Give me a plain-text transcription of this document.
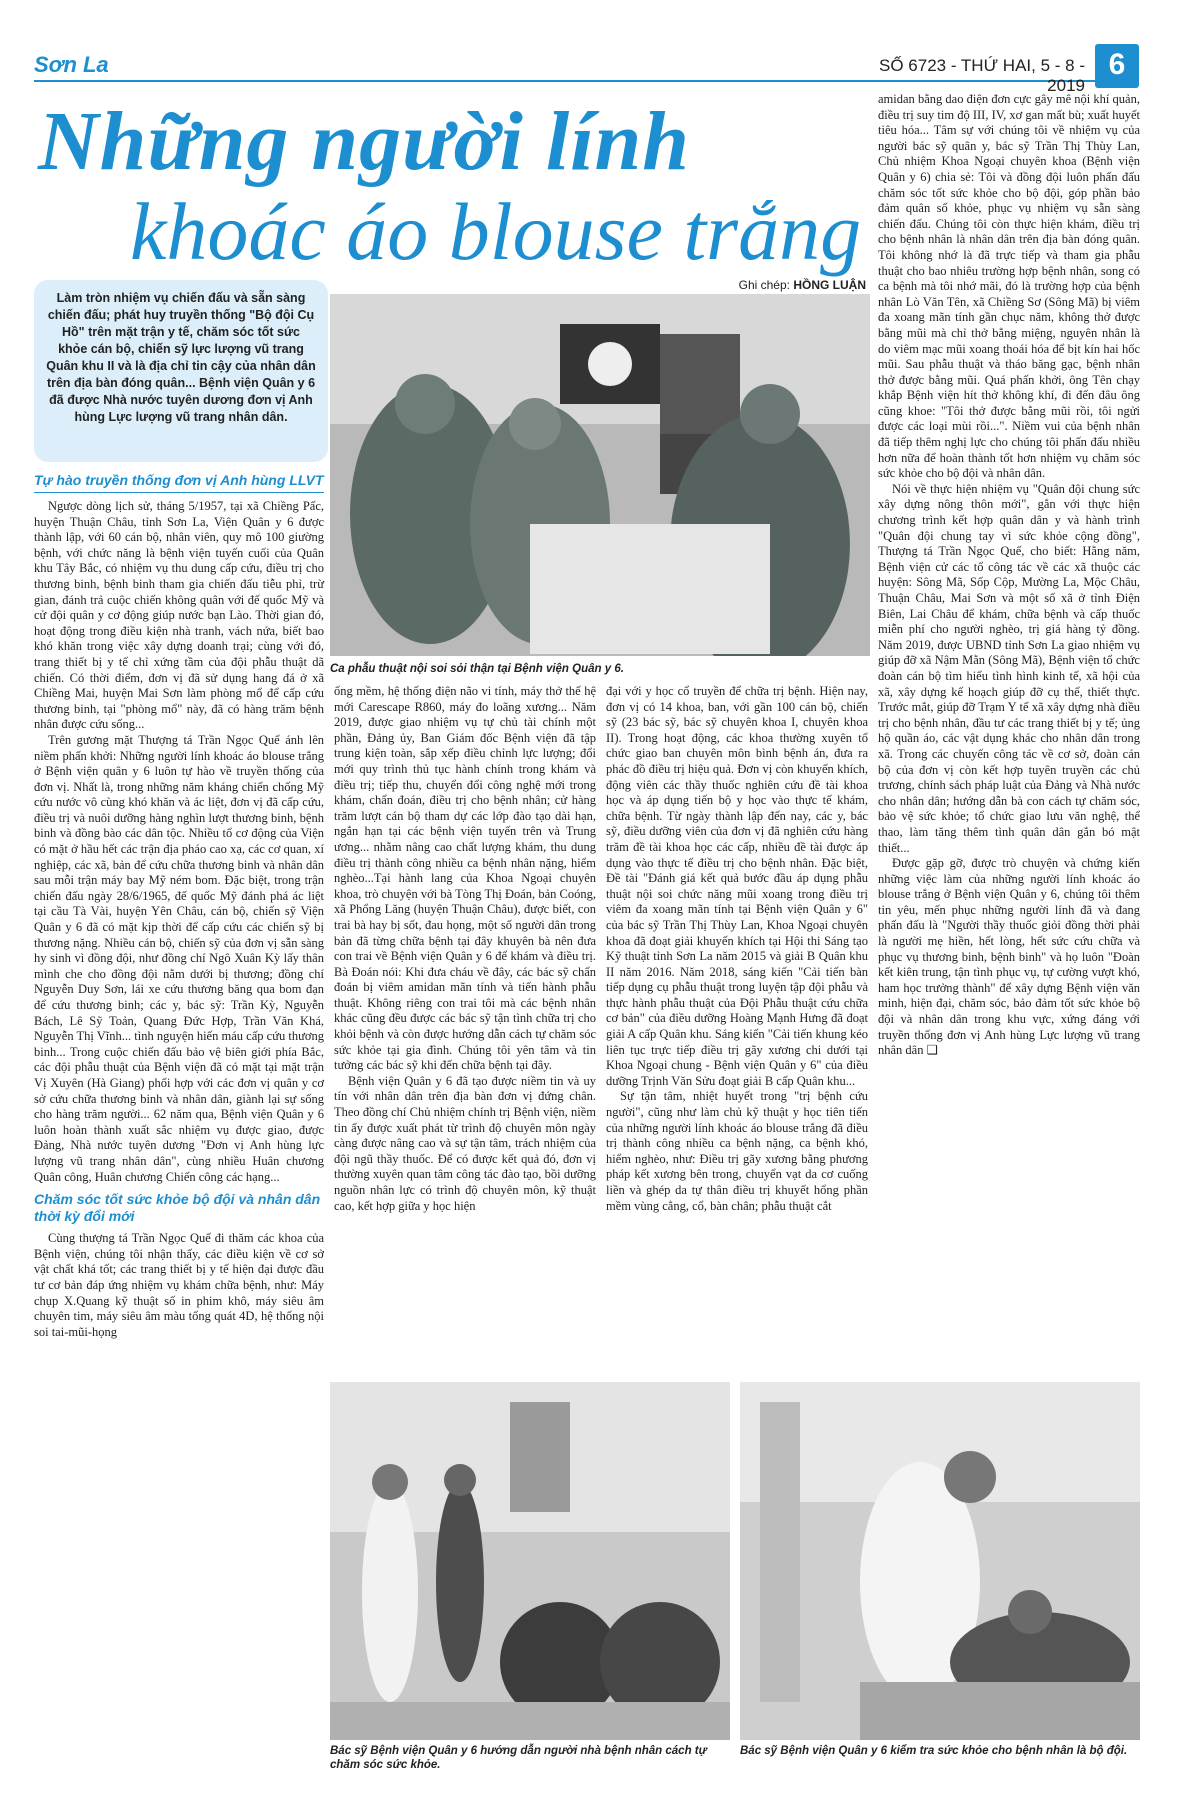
Sơn La	SỐ 6723 - THỨ HAI, 5 - 8 - 2019
6
Những người lính
khoác áo blouse trắng
Làm tròn nhiệm vụ chiến đấu và sẵn sàng chiến đấu; phát huy truyền thống "Bộ đội Cụ Hồ" trên mặt trận y tế, chăm sóc tốt sức khỏe cán bộ, chiến sỹ lực lượng vũ trang Quân khu II và là địa chỉ tin cậy của nhân dân trên địa bàn đóng quân... Bệnh viện Quân y 6 đã được Nhà nước tuyên dương đơn vị Anh hùng Lực lượng vũ trang nhân dân.
Ghi chép: HỒNG LUẬN
Ca phẫu thuật nội soi sỏi thận tại Bệnh viện Quân y 6.
Tự hào truyền thống đơn vị Anh hùng LLVT

Ngược dòng lịch sử, tháng 5/1957, tại xã Chiềng Pấc, huyện Thuận Châu, tỉnh Sơn La, Viện Quân y 6 được thành lập, với 60 cán bộ, nhân viên, quy mô 100 giường bệnh, với chức năng là bệnh viện tuyến cuối của Quân khu Tây Bắc, có nhiệm vụ thu dung cấp cứu, điều trị cho thương binh, bệnh binh tham gia chiến đấu tiễu phỉ, trừ gian, đánh trả cuộc chiến không quân với đế quốc Mỹ và cử đội quân y cơ động giúp nước bạn Lào. Thời gian đó, hoạt động trong điều kiện nhà tranh, vách nứa, biết bao khó khăn trong việc xây dựng doanh trại; cùng với đó, trang thiết bị y tế chỉ xứng tầm của đội phẫu thuật dã chiến. Có thời điểm, đơn vị đã sử dụng hang đá ở xã Chiềng Mai, huyện Mai Sơn làm phòng mổ để cấp cứu thương binh, tại "phòng mổ" này, đã có hàng trăm bệnh nhân được cứu sống...

Trên gương mặt Thượng tá Trần Ngọc Quế ánh lên niềm phấn khởi: Những người lính khoác áo blouse trắng ở Bệnh viện quân y 6 luôn tự hào về truyền thống của đơn vị. Nhất là, trong những năm kháng chiến chống Mỹ cứu nước vô cùng khó khăn và ác liệt, đơn vị đã cấp cứu, điều trị và nuôi dưỡng hàng nghìn lượt thương binh, bệnh binh và đồng bào các dân tộc. Nhiều tổ cơ động của Viện có mặt ở hầu hết các trận địa pháo cao xạ, các cơ quan, xí nghiệp, các xã, bản để cứu chữa thương binh và nhân dân sau mỗi trận máy bay Mỹ ném bom. Đặc biệt, trong trận chiến đấu ngày 28/6/1965, đế quốc Mỹ đánh phá ác liệt tại cầu Tà Vài, huyện Yên Châu, cán bộ, chiến sỹ Viện Quân y 6 đã có mặt kịp thời để cấp cứu các chiến sỹ bị thương nặng. Nhiều cán bộ, chiến sỹ của đơn vị sẵn sàng hy sinh vì đồng đội, như đồng chí Ngô Xuân Kỳ lấy thân mình che cho đồng đội nằm dưới bị thương; đồng chí Nguyễn Duy Sơn, lái xe cứu thương băng qua bom đạn để cứu thương binh; các y, bác sỹ: Trần Kỳ, Nguyễn Bách, Lê Sỹ Toản, Quang Đức Hợp, Trần Văn Khá, Nguyễn Thị Vĩnh... tình nguyện hiến máu cấp cứu thương binh... Trong cuộc chiến đấu bảo vệ biên giới phía Bắc, các đội phẫu thuật của Bệnh viện đã có mặt tại mặt trận Vị Xuyên (Hà Giang) phối hợp với các đơn vị quân y cơ sở cứu chữa thương binh và nhân dân, giành lại sự sống cho hàng trăm người... 62 năm qua, Bệnh viện Quân y 6 luôn hoàn thành xuất sắc nhiệm vụ được giao, được Đảng, Nhà nước tuyên dương "Đơn vị Anh hùng lực lượng vũ trang nhân dân", cùng nhiều Huân chương Quân công, Huân chương Chiến công các hạng...

Chăm sóc tốt sức khỏe bộ đội và nhân dân thời kỳ đổi mới

Cùng thượng tá Trần Ngọc Quế đi thăm các khoa của Bệnh viện, chúng tôi nhận thấy, các điều kiện về cơ sở vật chất khá tốt; các trang thiết bị y tế hiện đại được đầu tư cơ bản đáp ứng nhiệm vụ khám chữa bệnh, như: Máy chụp X.Quang kỹ thuật số in phim khô, máy siêu âm chuyên tim, máy siêu âm màu tổng quát 4D, hệ thống nội soi tai-mũi-họng

ống mềm, hệ thống điện não vi tính, máy thở thế hệ mới Carescape R860, máy đo loãng xương... Năm 2019, được giao nhiệm vụ tự chủ tài chính một phần, Đảng ủy, Ban Giám đốc Bệnh viện đã tập trung kiện toàn, sắp xếp điều chỉnh lực lượng; đổi mới quy trình thủ tục hành chính trong khám và điều trị; tiếp thu, chuyển đổi công nghệ mới trong khám, chẩn đoán, điều trị cho bệnh nhân; cử hàng trăm lượt cán bộ tham dự các lớp đào tạo dài hạn, ngắn hạn tại các bệnh viện tuyến trên và Trung ương... nhằm nâng cao chất lượng khám, thu dung điều trị thành công nhiều ca bệnh nhân nặng, hiểm nghèo...Tại hành lang của Khoa Ngoại chuyên khoa, trò chuyện với bà Tòng Thị Đoán, bản Coóng, xã Phổng Lăng (huyện Thuận Châu), được biết, con trai bà hay bị sốt, đau họng, một số người dân trong bản đã từng chữa bệnh tại đây khuyên bà nên đưa con trai về Bệnh viện Quân y 6 để khám và điều trị. Bà Đoán nói: Khi đưa cháu về đây, các bác sỹ chẩn đoán bị viêm amidan mãn tính và tiến hành phẫu thuật. Không riêng con trai tôi mà các bệnh nhân khác cũng đều được các bác sỹ tận tình chữa trị cho khỏi bệnh và còn được hướng dẫn cách tự chăm sóc sức khỏe tại gia đình. Chúng tôi yên tâm và tin tưởng các bác sỹ khi đến chữa bệnh tại đây.

Bệnh viện Quân y 6 đã tạo được niềm tin và uy tín với nhân dân trên địa bàn đơn vị đứng chân. Theo đồng chí Chủ nhiệm chính trị Bệnh viện, niềm tin ấy được xuất phát từ trình độ chuyên môn ngày càng được nâng cao và sự tận tâm, trách nhiệm của đội ngũ thầy thuốc. Để có được kết quả đó, đơn vị thường xuyên quan tâm công tác đào tạo, bồi dưỡng nguồn nhân lực có trình độ chuyên môn, kỹ thuật cao, kết hợp giữa y học hiện

đại với y học cổ truyền để chữa trị bệnh. Hiện nay, đơn vị có 14 khoa, ban, với gần 100 cán bộ, chiến sỹ (23 bác sỹ, bác sỹ chuyên khoa I, chuyên khoa II). Trong hoạt động, các khoa thường xuyên tổ chức giao ban chuyên môn bình bệnh án, đưa ra phác đồ điều trị hiệu quả. Đơn vị còn khuyến khích, động viên các thầy thuốc nghiên cứu đề tài khoa học và áp dụng tiến bộ y học vào thực tế khám, chữa bệnh. Từ ngày thành lập đến nay, các y, bác sỹ, điều dưỡng viên của đơn vị đã nghiên cứu hàng trăm đề tài khoa học các cấp, nhiều đề tài được áp dụng vào thực tế điều trị cho bệnh nhân. Đặc biệt, Đề tài "Đánh giá kết quả bước đầu áp dụng phẫu thuật nội soi chức năng mũi xoang trong điều trị viêm đa xoang mãn tính tại Bệnh viện Quân y 6" của bác sỹ Trần Thị Thùy Lan, Khoa Ngoại chuyên khoa đã đoạt giải khuyến khích tại Hội thi Sáng tạo Kỹ thuật tỉnh Sơn La năm 2015 và giải B Quân khu II năm 2016. Năm 2018, sáng kiến "Cải tiến bàn tiếp dụng cụ phẫu thuật trong luyện tập đội phẫu và thực hành phẫu thuật của Đội Phẫu thuật cứu chữa cơ bản" của điều dưỡng Hoàng Mạnh Hưng đã đoạt giải A cấp Quân khu. Sáng kiến "Cải tiến khung kéo liên tục trực tiếp điều trị gãy xương chi dưới tại Khoa Ngoại chung - Bệnh viện Quân y 6" của điều dưỡng Trịnh Văn Sửu đoạt giải B cấp Quân khu...

Sự tận tâm, nhiệt huyết trong "trị bệnh cứu người", cũng như làm chủ kỹ thuật y học tiên tiến của những người lính khoác áo blouse trắng đã điều trị thành công nhiều ca bệnh nặng, ca bệnh khó, hiểm nghèo, như: Điều trị gãy xương bằng phương pháp kết xương bên trong, chuyển vạt da cơ cuống liền và ghép da tự thân điều trị khuyết hổng phần mềm vùng cẳng, cổ, bàn chân; phẫu thuật cắt

amidan bằng dao điện đơn cực gây mê nội khí quản, điều trị suy tim độ III, IV, xơ gan mất bù; xuất huyết tiêu hóa... Tâm sự với chúng tôi về nhiệm vụ của người bác sỹ quân y, bác sỹ Trần Thị Thùy Lan, Chủ nhiệm Khoa Ngoại chuyên khoa (Bệnh viện Quân y 6) chia sẻ: Tôi và đồng đội luôn phấn đấu chăm sóc tốt sức khỏe cho bộ đội, góp phần bảo đảm quân số khỏe, phục vụ nhiệm vụ sẵn sàng chiến đấu. Chúng tôi còn thực hiện khám, điều trị cho bệnh nhân là nhân dân trên địa bàn đóng quân. Tôi không nhớ là đã trực tiếp và tham gia phẫu thuật cho bao nhiêu trường hợp bệnh nhân, song có ca bệnh mà tôi nhớ mãi, đó là trường hợp của bệnh nhân Lò Văn Tên, xã Chiềng Sơ (Sông Mã) bị viêm đa xoang mãn tính gần chục năm, không thở được bằng mũi mà chỉ thở bằng miệng, nguyên nhân là do viêm mạc mũi xoang thoái hóa để bịt kín hai hốc mũi. Sau phẫu thuật và tháo băng gạc, bệnh nhân thở được bằng mũi. Quá phấn khởi, ông Tên chạy khắp Bệnh viện hít thở không khí, đi đến đâu ông cũng khoe: "Tôi thở được bằng mũi rồi, tôi ngửi được các loại mùi rồi...". Niềm vui của bệnh nhân đã tiếp thêm nghị lực cho chúng tôi phấn đấu nhiều hơn nữa để hoàn thành tốt hơn nhiệm vụ chăm sóc sức khỏe cho bộ đội và nhân dân.

Nói về thực hiện nhiệm vụ "Quân đội chung sức xây dựng nông thôn mới", gắn với thực hiện chương trình kết hợp quân dân y và hành trình "Quân đội chung tay vì sức khỏe cộng đồng", Thượng tá Trần Ngọc Quế, cho biết: Hằng năm, Bệnh viện cử các tổ công tác về các xã thuộc các huyện: Sông Mã, Sốp Cộp, Mường La, Mộc Châu, Thuận Châu, Mai Sơn và một số xã ở tỉnh Điện Biên, Lai Châu để khám, chữa bệnh và cấp thuốc miễn phí cho người nghèo, trị giá hàng tỷ đồng. Năm 2019, được UBND tỉnh Sơn La giao nhiệm vụ giúp đỡ xã Nậm Mằn (Sông Mã), Bệnh viện tổ chức đoàn cán bộ tìm hiểu tình hình kinh tế, xã hội của xã, xây dựng kế hoạch giúp đỡ cụ thể, thiết thực. Trước mắt, giúp đỡ Trạm Y tế xã xây dựng nhà điều trị cho bệnh nhân, đầu tư các trang thiết bị y tế; ủng hộ quần áo, các vật dụng khác cho nhân dân trong xã. Trong các chuyến công tác về cơ sở, đoàn cán bộ của đơn vị còn kết hợp tuyên truyền các chủ trương, chính sách pháp luật của Đảng và Nhà nước cho nhân dân; hướng dẫn bà con cách tự chăm sóc, bảo vệ sức khỏe; tổ chức giao lưu văn nghệ, thể thao, làm tăng thêm tình quân dân gắn bó mật thiết...

Được gặp gỡ, được trò chuyện và chứng kiến những việc làm của những người lính khoác áo blouse trắng ở Bệnh viện Quân y 6, chúng tôi thêm tin yêu, mến phục những người lính đã và đang phấn đấu là "Người thầy thuốc giỏi đồng thời phải là người mẹ hiền, hết lòng, hết sức cứu chữa và phục vụ thương binh, bệnh binh" và họ luôn "Đoàn kết kiên trung, tận tình phục vụ, tự cường vượt khó, ham học trưởng thành" để xây dựng Bệnh viện văn minh, hiện đại, chăm sóc, bảo đảm tốt sức khỏe bộ đội và nhân dân trong khu vực, xứng đáng với truyền thống đơn vị Anh hùng Lực lượng vũ trang nhân dân ❑

Bác sỹ Bệnh viện Quân y 6 hướng dẫn người nhà bệnh nhân cách tự chăm sóc sức khỏe.
Bác sỹ Bệnh viện Quân y 6 kiểm tra sức khỏe cho bệnh nhân là bộ đội.
